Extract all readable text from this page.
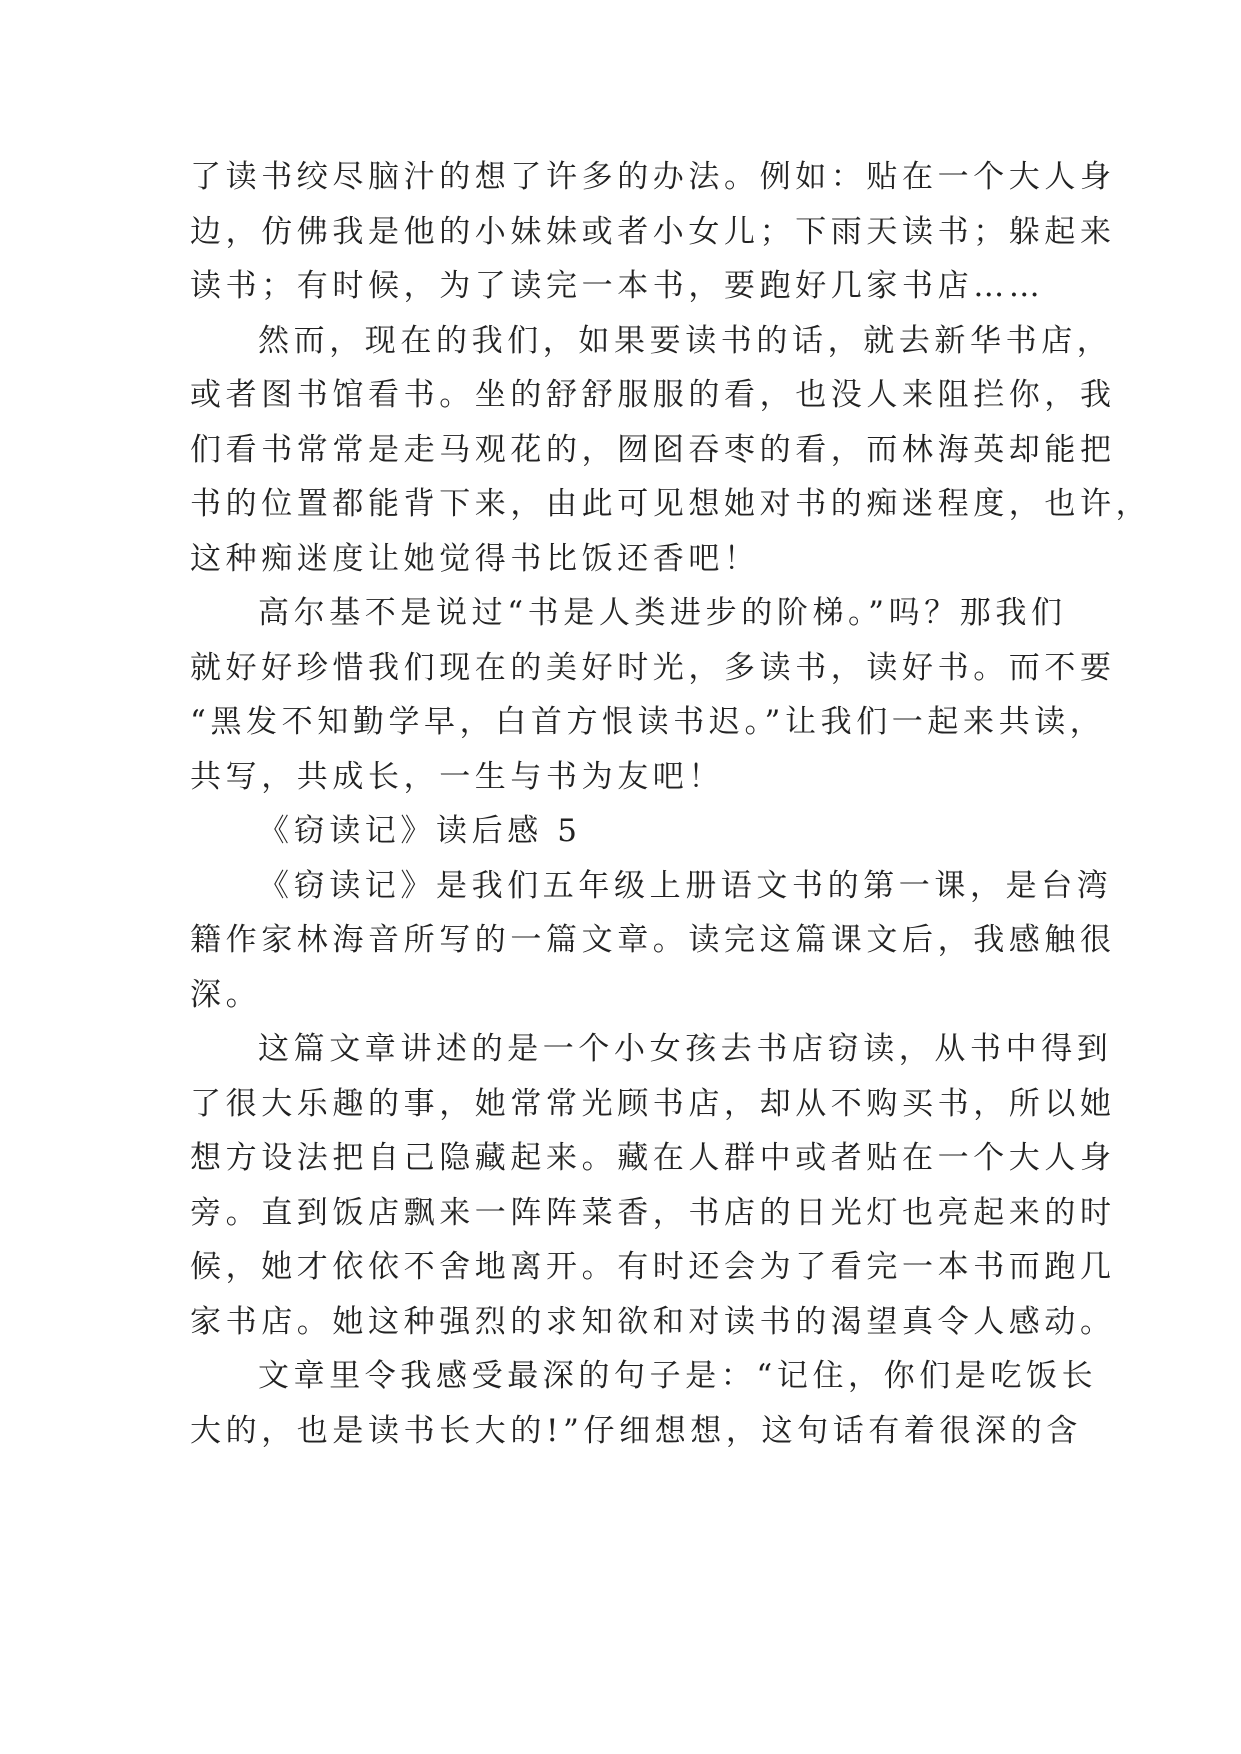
了读书绞尽脑汁的想了许多的办法。例如：贴在一个大人身
边，仿佛我是他的小妹妹或者小女儿；下雨天读书；躲起来
读书；有时候，为了读完一本书，要跑好几家书店……
然而，现在的我们，如果要读书的话，就去新华书店，
或者图书馆看书。坐的舒舒服服的看，也没人来阻拦你，我
们看书常常是走马观花的，囫囵吞枣的看，而林海英却能把
书的位置都能背下来，由此可见想她对书的痴迷程度，也许，
这种痴迷度让她觉得书比饭还香吧！
高尔基不是说过“书是人类进步的阶梯。”吗？那我们
就好好珍惜我们现在的美好时光，多读书，读好书。而不要
“黑发不知勤学早，白首方恨读书迟。”让我们一起来共读，
共写，共成长，一生与书为友吧！
《窃读记》读后感 5
《窃读记》是我们五年级上册语文书的第一课，是台湾
籍作家林海音所写的一篇文章。读完这篇课文后，我感触很
深。
这篇文章讲述的是一个小女孩去书店窃读，从书中得到
了很大乐趣的事，她常常光顾书店，却从不购买书，所以她
想方设法把自己隐藏起来。藏在人群中或者贴在一个大人身
旁。直到饭店飘来一阵阵菜香，书店的日光灯也亮起来的时
候，她才依依不舍地离开。有时还会为了看完一本书而跑几
家书店。她这种强烈的求知欲和对读书的渴望真令人感动。
文章里令我感受最深的句子是：“记住，你们是吃饭长
大的，也是读书长大的!”仔细想想，这句话有着很深的含
